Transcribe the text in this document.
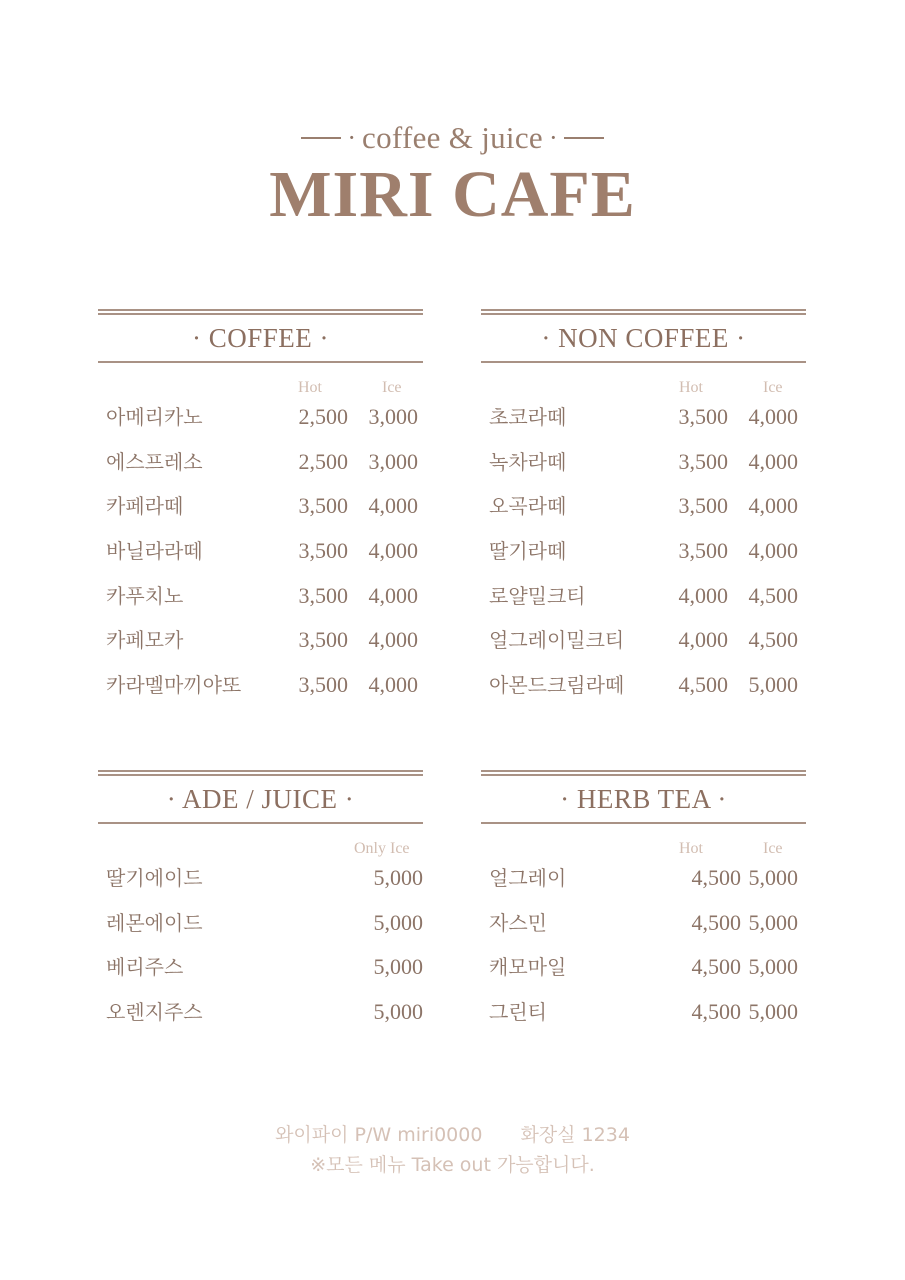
· coffee & juice ·
MIRI CAFE
· COFFEE ·
Hot	Ice
아메리카노	2,500 3,000
에스프레소	2,500 3,000
카페라떼	3,500 4,000
바닐라라떼	3,500 4,000
카푸치노	3,500 4,000
카페모카	3,500 4,000
카라멜마끼야또	3,500 4,000
· NON COFFEE ·
Hot	Ice
초코라떼	3,500 4,000
녹차라떼	3,500 4,000
오곡라떼	3,500 4,000
딸기라떼	3,500 4,000
로얄밀크티	4,000 4,500
얼그레이밀크티	4,000 4,500
아몬드크림라떼	4,500 5,000
· ADE / JUICE ·
Only Ice
딸기에이드	5,000
레몬에이드	5,000
베리주스	5,000
오렌지주스	5,000
· HERB TEA ·
Hot	Ice
얼그레이	4,500 5,000
자스민	4,500 5,000
캐모마일	4,500 5,000
그린티	4,500 5,000
와이파이 P/W miri0000 화장실 1234
※모든 메뉴 Take out 가능합니다.
